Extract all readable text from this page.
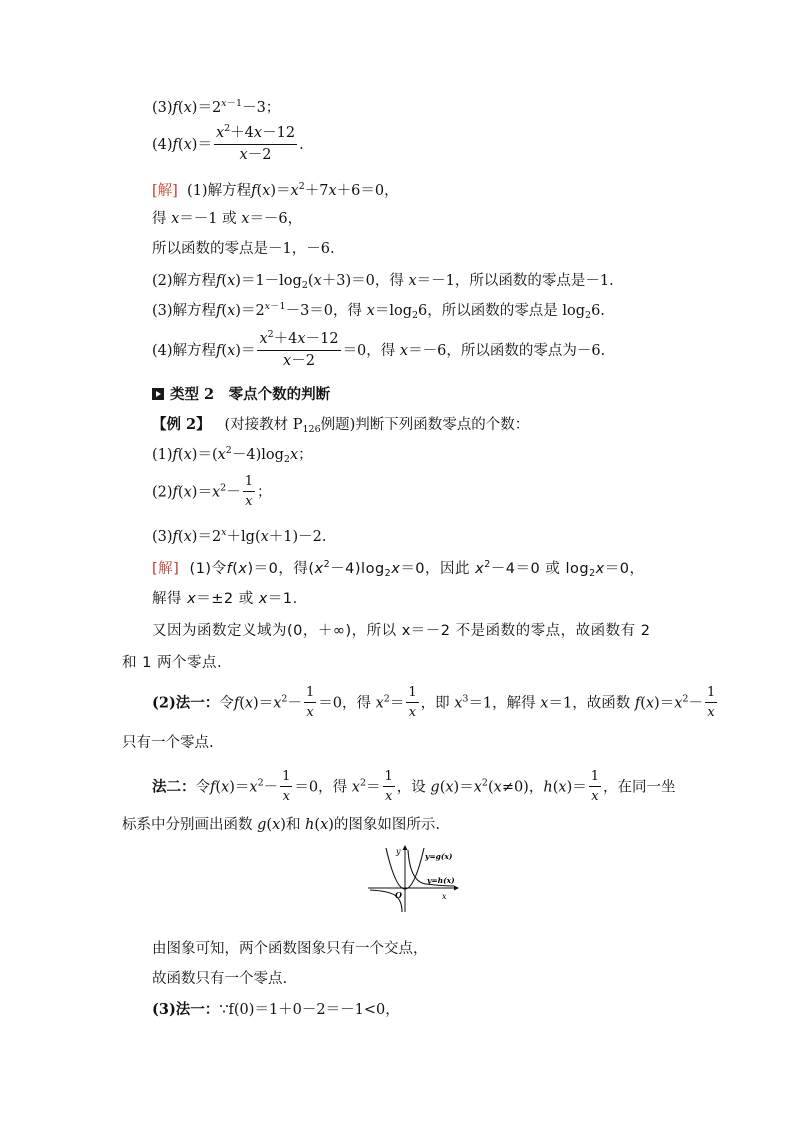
$(3)f(x)=2^{x-1}-3$；
$(4)f(x)= \frac{x^2+4x-12}{x-2}$ .
[解] (1)解方程$f(x)=x^2+7x+6=0$，
得 x＝－1 或 x＝－6，
所以函数的零点是－1，－6.
(2)解方程$f(x)=1-\log_2(x+3)=0$，得 x＝－1，所以函数的零点是－1.
(3)解方程$f(x)=2^{x-1}-3=0$，得 $x=\log_26$，所以函数的零点是 $\log_26$.
(4)解方程$f(x)= \frac{x^2+4x-12}{x-2} =0$，得 x＝－6，所以函数的零点为－6.
类型 2　零点个数的判断
【例 2】 (对接教材 $P_{126}$例题)判断下列函数零点的个数：
$(1)f(x)=(x^2-4)\log_2x$；
$(2)f(x)=x^2- \frac{1}{x}$ ；
$(3)f(x)=2^x+\lg(x+1)-2$.
[解] (1)令f(x)＝0，得$(x^2-4)\log_2x=0$，因此 $x^2-4=0$ 或 $\log_2x=0$，
解得 x＝±2 或 x＝1.
又因为函数定义域为(0，＋∞)，所以 x＝－2 不是函数的零点，故函数有 2
和 1 两个零点.
(2)法一：令$f(x)=x^2- \frac{1}{x} =0$，得 $x^2= \frac{1}{x}$ ，即 $x^3=1$，解得 x＝1，故函数 $f(x)=x^2- \frac{1}{x}$
只有一个零点.
法二：令$f(x)=x^2- \frac{1}{x} =0$，得 $x^2= \frac{1}{x}$ ，设 $g(x)=x^2(x\ne 0)$，$h(x)= \frac{1}{x}$ ，在同一坐
标系中分别画出函数 g(x)和 h(x)的图象如图所示.
y
x
O
y=g(x)
y=h(x)
由图象可知，两个函数图象只有一个交点，
故函数只有一个零点.
(3)法一：∵f(0)＝1＋0－2＝－1<0，
